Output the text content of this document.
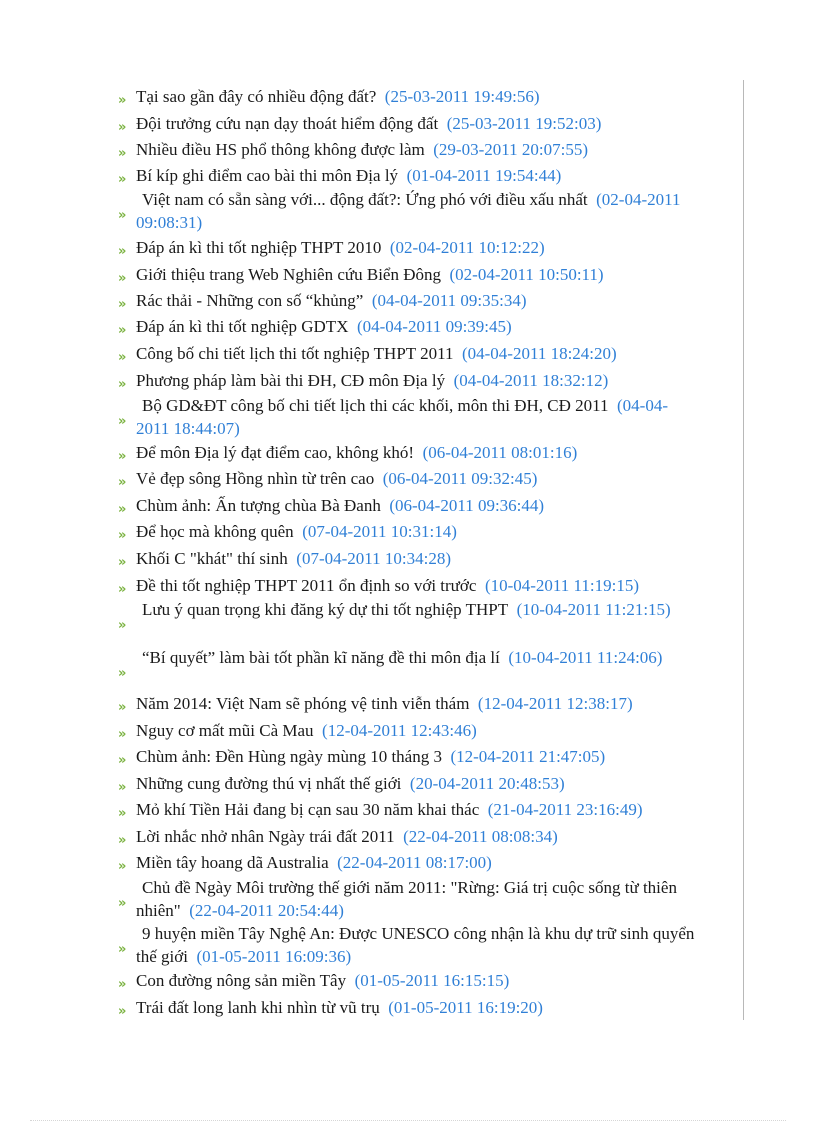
» Tại sao gần đây có nhiều động đất? (25-03-2011 19:49:56)
» Đội trưởng cứu nạn dạy thoát hiểm động đất (25-03-2011 19:52:03)
» Nhiều điều HS phổ thông không được làm (29-03-2011 20:07:55)
» Bí kíp ghi điểm cao bài thi môn Địa lý (01-04-2011 19:54:44)
»
Việt nam có sẵn sàng với... động đất?: Ứng phó với điều xấu nhất (02-04-2011 09:08:31)
» Đáp án kì thi tốt nghiệp THPT 2010 (02-04-2011 10:12:22)
» Giới thiệu trang Web Nghiên cứu Biển Đông (02-04-2011 10:50:11)
» Rác thải - Những con số “khủng” (04-04-2011 09:35:34)
» Đáp án kì thi tốt nghiệp GDTX (04-04-2011 09:39:45)
» Công bố chi tiết lịch thi tốt nghiệp THPT 2011 (04-04-2011 18:24:20)
» Phương pháp làm bài thi ĐH, CĐ môn Địa lý (04-04-2011 18:32:12)
»
Bộ GD&ĐT công bố chi tiết lịch thi các khối, môn thi ĐH, CĐ 2011 (04-04-2011 18:44:07)
» Để môn Địa lý đạt điểm cao, không khó! (06-04-2011 08:01:16)
» Vẻ đẹp sông Hồng nhìn từ trên cao (06-04-2011 09:32:45)
» Chùm ảnh: Ấn tượng chùa Bà Đanh (06-04-2011 09:36:44)
» Để học mà không quên (07-04-2011 10:31:14)
» Khối C "khát" thí sinh (07-04-2011 10:34:28)
» Đề thi tốt nghiệp THPT 2011 ổn định so với trước (10-04-2011 11:19:15)
»
Lưu ý quan trọng khi đăng ký dự thi tốt nghiệp THPT (10-04-2011 11:21:15)
»
“Bí quyết” làm bài tốt phần kĩ năng đề thi môn địa lí (10-04-2011 11:24:06)
» Năm 2014: Việt Nam sẽ phóng vệ tinh viễn thám (12-04-2011 12:38:17)
» Nguy cơ mất mũi Cà Mau (12-04-2011 12:43:46)
» Chùm ảnh: Đền Hùng ngày mùng 10 tháng 3 (12-04-2011 21:47:05)
» Những cung đường thú vị nhất thế giới (20-04-2011 20:48:53)
» Mỏ khí Tiền Hải đang bị cạn sau 30 năm khai thác (21-04-2011 23:16:49)
» Lời nhắc nhở nhân Ngày trái đất 2011 (22-04-2011 08:08:34)
» Miền tây hoang dã Australia (22-04-2011 08:17:00)
»
Chủ đề Ngày Môi trường thế giới năm 2011: "Rừng: Giá trị cuộc sống từ thiên nhiên" (22-04-2011 20:54:44)
»
9 huyện miền Tây Nghệ An: Được UNESCO công nhận là khu dự trữ sinh quyển thế giới (01-05-2011 16:09:36)
» Con đường nông sản miền Tây (01-05-2011 16:15:15)
» Trái đất long lanh khi nhìn từ vũ trụ (01-05-2011 16:19:20)
